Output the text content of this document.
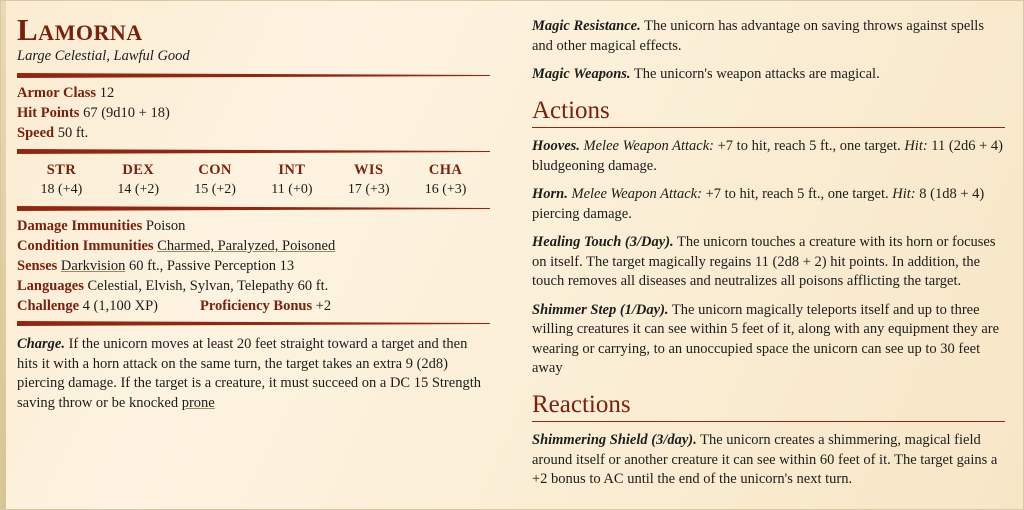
Lamorna
Large Celestial, Lawful Good
Armor Class 12
Hit Points 67 (9d10 + 18)
Speed 50 ft.
STR
18 (+4)
DEX
14 (+2)
CON
15 (+2)
INT
11 (+0)
WIS
17 (+3)
CHA
16 (+3)
Damage Immunities Poison
Condition Immunities Charmed, Paralyzed, Poisoned
Senses Darkvision 60 ft., Passive Perception 13
Languages Celestial, Elvish, Sylvan, Telepathy 60 ft.
Challenge 4 (1,100 XP)	Proficiency Bonus +2
Charge. If the unicorn moves at least 20 feet straight toward a target and then hits it with a horn attack on the same turn, the target takes an extra 9 (2d8) piercing damage. If the target is a creature, it must succeed on a DC 15 Strength saving throw or be knocked prone
Magic Resistance. The unicorn has advantage on saving throws against spells and other magical effects.
Magic Weapons. The unicorn's weapon attacks are magical.
Actions
Hooves. Melee Weapon Attack: +7 to hit, reach 5 ft., one target. Hit: 11 (2d6 + 4) bludgeoning damage.
Horn. Melee Weapon Attack: +7 to hit, reach 5 ft., one target. Hit: 8 (1d8 + 4) piercing damage.
Healing Touch (3/Day). The unicorn touches a creature with its horn or focuses on itself. The target magically regains 11 (2d8 + 2) hit points. In addition, the touch removes all diseases and neutralizes all poisons afflicting the target.
Shimmer Step (1/Day). The unicorn magically teleports itself and up to three willing creatures it can see within 5 feet of it, along with any equipment they are wearing or carrying, to an unoccupied space the unicorn can see up to 30 feet away
Reactions
Shimmering Shield (3/day). The unicorn creates a shimmering, magical field around itself or another creature it can see within 60 feet of it. The target gains a +2 bonus to AC until the end of the unicorn's next turn.
